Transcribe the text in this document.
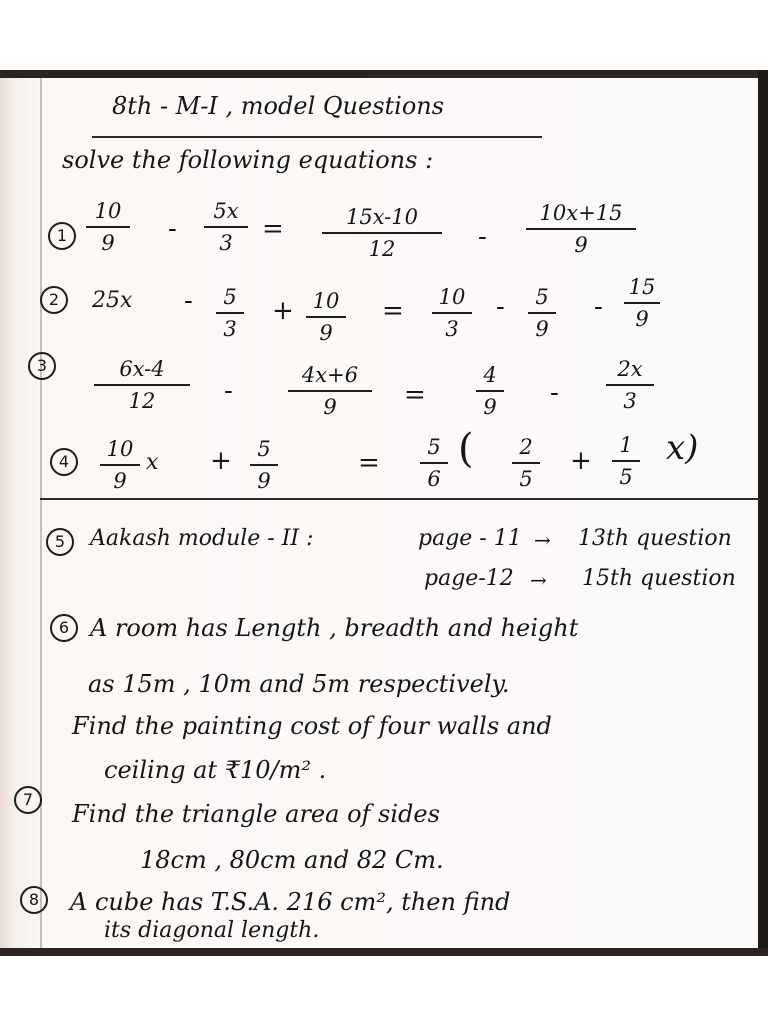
8th - M-I , model Questions
solve the following equations :
1
10
9 -
5x
3 =	15x-10
12	-
10x+15
9
2	25x - 5
3
+ 10
9
= 10
3
- 5
9
-
15
9
3	6x-4
12	-
4x+6
9	=
4
9 -
2x
3
4
10
9
x + 5
9
=
5
6
( 2
5
+
1
5
x)
5	Aakash module - II :	page - 11 → 13th question
page-12 → 15th question
6 A room has Length , breadth and height
as 15m , 10m and 5m respectively.
Find the painting cost of four walls and
ceiling at ₹10/m² .
7
Find the triangle area of sides
18cm , 80cm and 82 Cm.
8	A cube has T.S.A. 216 cm², then find
its diagonal length.
